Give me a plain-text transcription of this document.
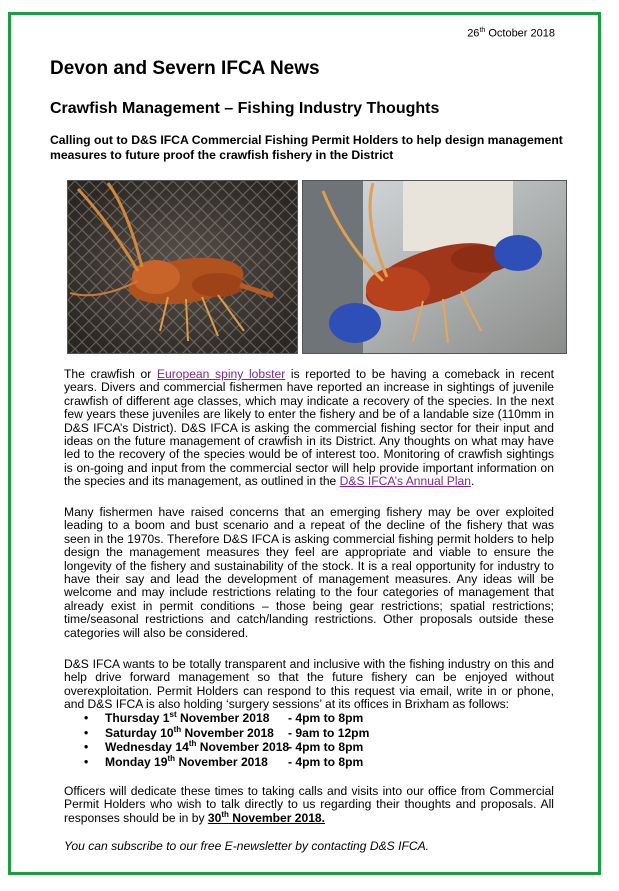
26th October 2018
Devon and Severn IFCA News
Crawfish Management – Fishing Industry Thoughts
Calling out to D&S IFCA Commercial Fishing Permit Holders to help design management measures to future proof the crawfish fishery in the District

The crawfish or European spiny lobster is reported to be having a comeback in recent years. Divers and commercial fishermen have reported an increase in sightings of juvenile crawfish of different age classes, which may indicate a recovery of the species. In the next few years these juveniles are likely to enter the fishery and be of a landable size (110mm in D&S IFCA’s District). D&S IFCA is asking the commercial fishing sector for their input and ideas on the future management of crawfish in its District. Any thoughts on what may have led to the recovery of the species would be of interest too. Monitoring of crawfish sightings is on-going and input from the commercial sector will help provide important information on the species and its management, as outlined in the D&S IFCA’s Annual Plan.

Many fishermen have raised concerns that an emerging fishery may be over exploited leading to a boom and bust scenario and a repeat of the decline of the fishery that was seen in the 1970s. Therefore D&S IFCA is asking commercial fishing permit holders to help design the management measures they feel are appropriate and viable to ensure the longevity of the fishery and sustainability of the stock. It is a real opportunity for industry to have their say and lead the development of management measures. Any ideas will be welcome and may include restrictions relating to the four categories of management that already exist in permit conditions – those being gear restrictions; spatial restrictions; time/seasonal restrictions and catch/landing restrictions. Other proposals outside these categories will also be considered.

D&S IFCA wants to be totally transparent and inclusive with the fishing industry on this and help drive forward management so that the future fishery can be enjoyed without overexploitation. Permit Holders can respond to this request via email, write in or phone, and D&S IFCA is also holding ‘surgery sessions’ at its offices in Brixham as follows:

• Thursday 1st November 2018 - 4pm to 8pm
• Saturday 10th November 2018 - 9am to 12pm
• Wednesday 14th November 2018- 4pm to 8pm
• Monday 19th November 2018 - 4pm to 8pm

Officers will dedicate these times to taking calls and visits into our office from Commercial Permit Holders who wish to talk directly to us regarding their thoughts and proposals. All responses should be in by 30th November 2018.

You can subscribe to our free E-newsletter by contacting D&S IFCA.
